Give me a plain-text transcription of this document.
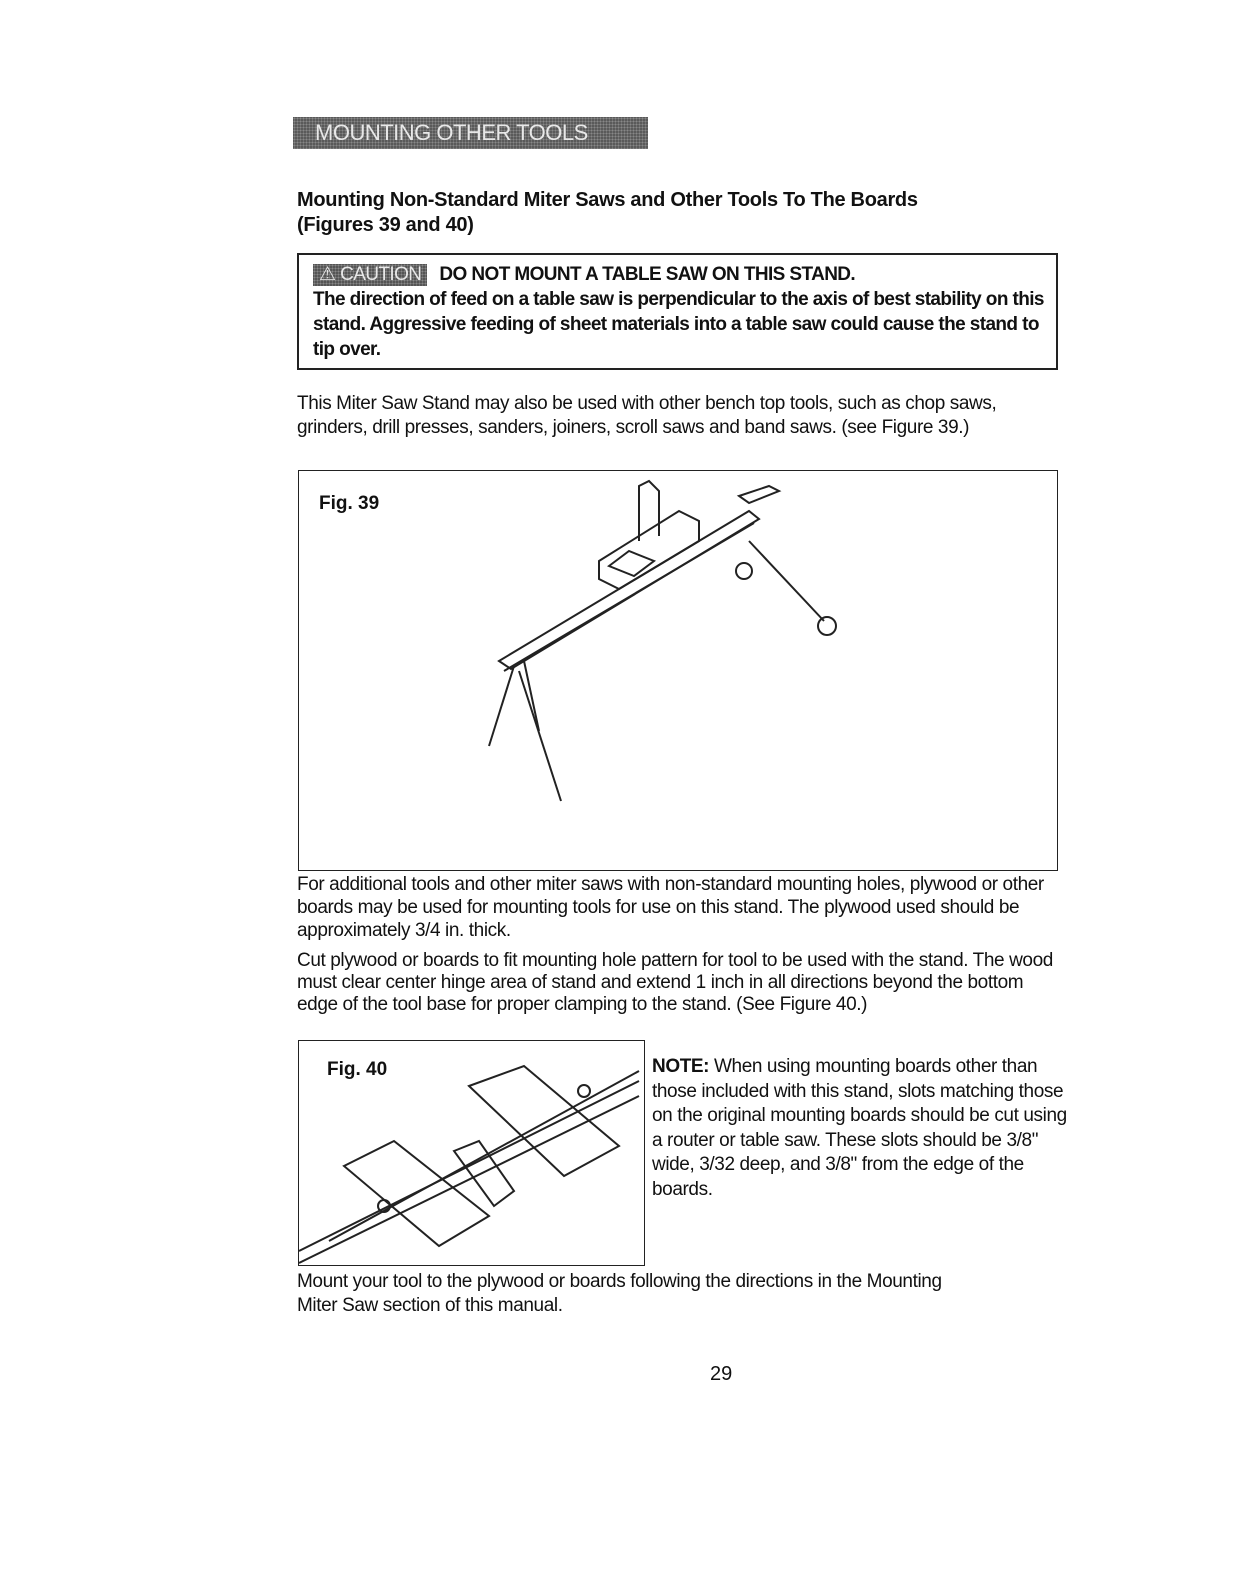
MOUNTING OTHER TOOLS
Mounting Non-Standard Miter Saws and Other Tools To The Boards
(Figures 39 and 40)
⚠ CAUTION DO NOT MOUNT A TABLE SAW ON THIS STAND.
The direction of feed on a table saw is perpendicular to the axis of best stability on this stand. Aggressive feeding of sheet materials into a table saw could cause the stand to tip over.
This Miter Saw Stand may also be used with other bench top tools, such as chop saws, grinders, drill presses, sanders, joiners, scroll saws and band saws. (see Figure 39.)
Fig. 39
For additional tools and other miter saws with non-standard mounting holes, plywood or other boards may be used for mounting tools for use on this stand. The plywood used should be approximately 3/4 in. thick.
Cut plywood or boards to fit mounting hole pattern for tool to be used with the stand. The wood must clear center hinge area of stand and extend 1 inch in all directions beyond the bottom edge of the tool base for proper clamping to the stand. (See Figure 40.)
Fig. 40	NOTE: When using mounting boards other than those included with this stand, slots matching those on the original mounting boards should be cut using a router or table saw. These slots should be 3/8" wide, 3/32 deep, and 3/8" from the edge of the boards.
Mount your tool to the plywood or boards following the directions in the Mounting Miter Saw section of this manual.
29
